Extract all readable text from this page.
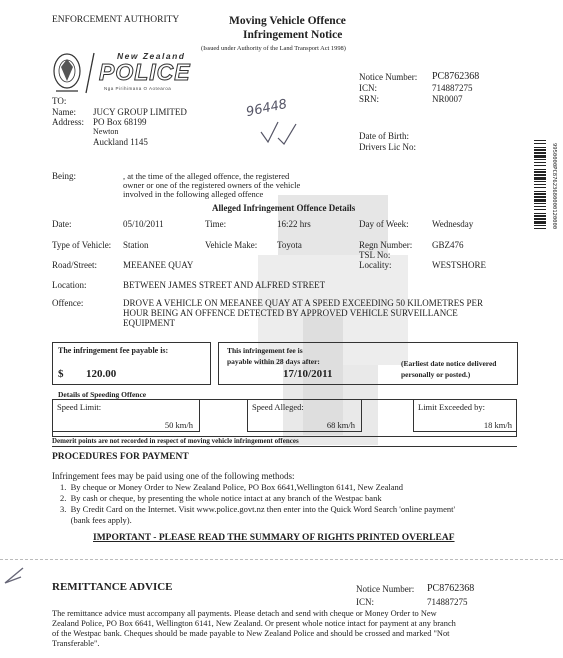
ENFORCEMENT AUTHORITY	Moving Vehicle Offence
Infringement Notice
(Issued under Authority of the Land Transport Act 1998)
New Zealand
POLICE
Nga Pirihimana O Aotearoa
Notice Number: PC8762368
ICN:	714887275
SRN:	NR0007
TO:
Name: JUCY GROUP LIMITED
Address: PO Box 68199
Newton
Auckland 1145
96448
Date of Birth:
Drivers Lic No:	9950000PC87623680000120000
Being:	, at the time of the alleged offence, the registered
owner or one of the registered owners of the vehicle
involved in the following alleged offence
Alleged Infringement Offence Details
Date:	05/10/2011	Time:	16:22 hrs	Day of Week:	Wednesday
Type of Vehicle: Station	Vehicle Make: Toyota	Regn Number: GBZ476
TSL No:
Road/Street:	MEEANEE QUAY	Locality:	WESTSHORE
Location:	BETWEEN JAMES STREET AND ALFRED STREET
Offence:	DROVE A VEHICLE ON MEEANEE QUAY AT A SPEED EXCEEDING 50 KILOMETRES PER
HOUR BEING AN OFFENCE DETECTED BY APPROVED VEHICLE SURVEILLANCE
EQUIPMENT
The infringement fee payable is:
$ 120.00
This infringement fee is
payable within 28 days after:
17/10/2011
(Earliest date notice delivered
personally or posted.)
Details of Speeding Offence
Speed Limit:
50 km/h
Speed Alleged:
68 km/h
Limit Exceeded by:
18 km/h
Demerit points are not recorded in respect of moving vehicle infringement offences
PROCEDURES FOR PAYMENT
Infringement fees may be paid using one of the following methods:
1.  By cheque or Money Order to New Zealand Police, PO Box 6641,Wellington 6141, New Zealand
2.  By cash or cheque, by presenting the whole notice intact at any branch of the Westpac bank
3.  By Credit Card on the Internet. Visit www.police.govt.nz then enter into the Quick Word Search 'online payment'
(bank fees apply).
IMPORTANT - PLEASE READ THE SUMMARY OF RIGHTS PRINTED OVERLEAF
REMITTANCE ADVICE	Notice Number: PC8762368
ICN:	714887275
The remittance advice must accompany all payments. Please detach and send with cheque or Money Order to New
Zealand Police, PO Box 6641, Wellington 6141, New Zealand. Or present whole notice intact for payment at any branch
of the Westpac bank. Cheques should be made payable to New Zealand Police and should be crossed and marked "Not
Transferable".
